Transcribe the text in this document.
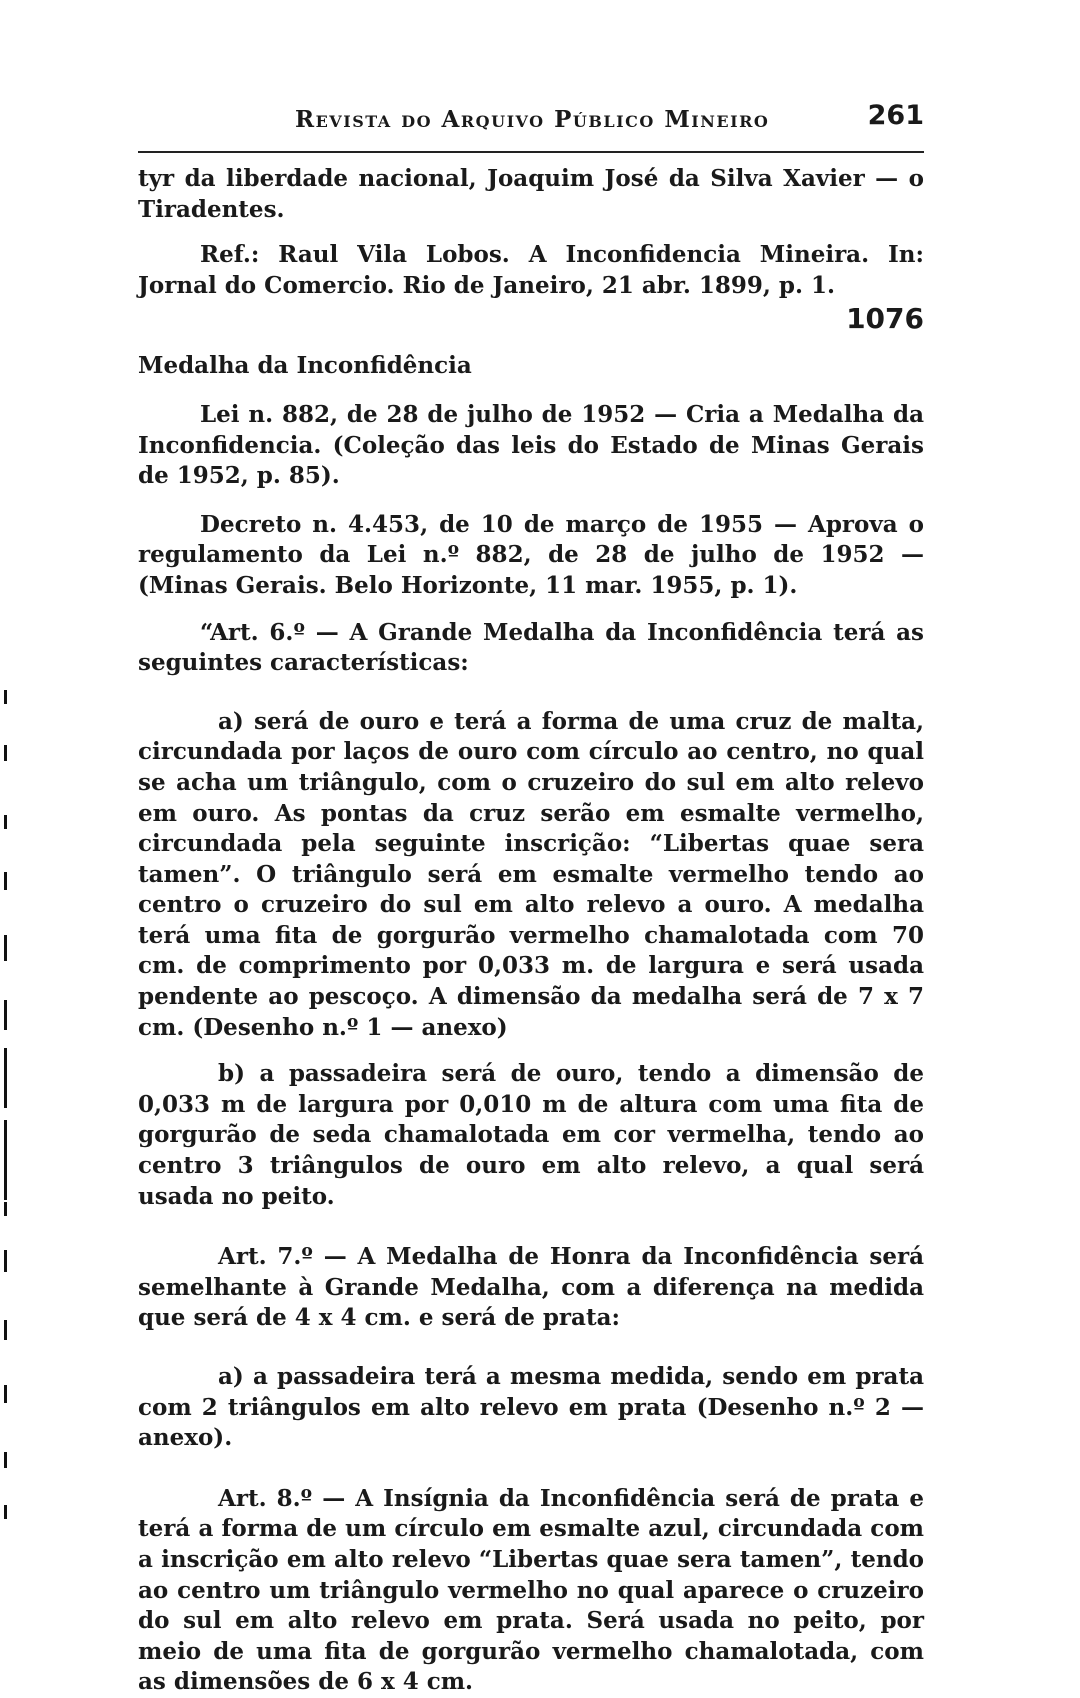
Revista do Arquivo Público Mineiro	261

tyr da liberdade nacional, Joaquim José da Silva Xavier — o Tiradentes.

Ref.: Raul Vila Lobos. A Inconfidencia Mineira. In: Jornal do Comercio. Rio de Janeiro, 21 abr. 1899, p. 1.

1076

Medalha da Inconfidência

Lei n. 882, de 28 de julho de 1952 — Cria a Medalha da Inconfidencia. (Coleção das leis do Estado de Minas Gerais de 1952, p. 85).

Decreto n. 4.453, de 10 de março de 1955 — Aprova o regulamento da Lei n.º 882, de 28 de julho de 1952 — (Minas Gerais. Belo Horizonte, 11 mar. 1955, p. 1).

“Art. 6.º — A Grande Medalha da Inconfidência terá as seguintes características:

a) será de ouro e terá a forma de uma cruz de malta, circundada por laços de ouro com círculo ao centro, no qual se acha um triângulo, com o cruzeiro do sul em alto relevo em ouro. As pontas da cruz serão em esmalte vermelho, circundada pela seguinte inscrição: “Libertas quae sera tamen”. O triângulo será em esmalte vermelho tendo ao centro o cruzeiro do sul em alto relevo a ouro. A medalha terá uma fita de gorgurão vermelho chamalotada com 70 cm. de comprimento por 0,033 m. de largura e será usada pendente ao pescoço. A dimensão da medalha será de 7 x 7 cm. (Desenho n.º 1 — anexo)

b) a passadeira será de ouro, tendo a dimensão de 0,033 m de largura por 0,010 m de altura com uma fita de gorgurão de seda chamalotada em cor vermelha, tendo ao centro 3 triângulos de ouro em alto relevo, a qual será usada no peito.

Art. 7.º — A Medalha de Honra da Inconfidência será semelhante à Grande Medalha, com a diferença na medida que será de 4 x 4 cm. e será de prata:

a) a passadeira terá a mesma medida, sendo em prata com 2 triângulos em alto relevo em prata (Desenho n.º 2 — anexo).

Art. 8.º — A Insígnia da Inconfidência será de prata e terá a forma de um círculo em esmalte azul, circundada com a inscrição em alto relevo “Libertas quae sera tamen”, tendo ao centro um triângulo vermelho no qual aparece o cruzeiro do sul em alto relevo em prata. Será usada no peito, por meio de uma fita de gorgurão vermelho chamalotada, com as dimensões de 6 x 4 cm.
